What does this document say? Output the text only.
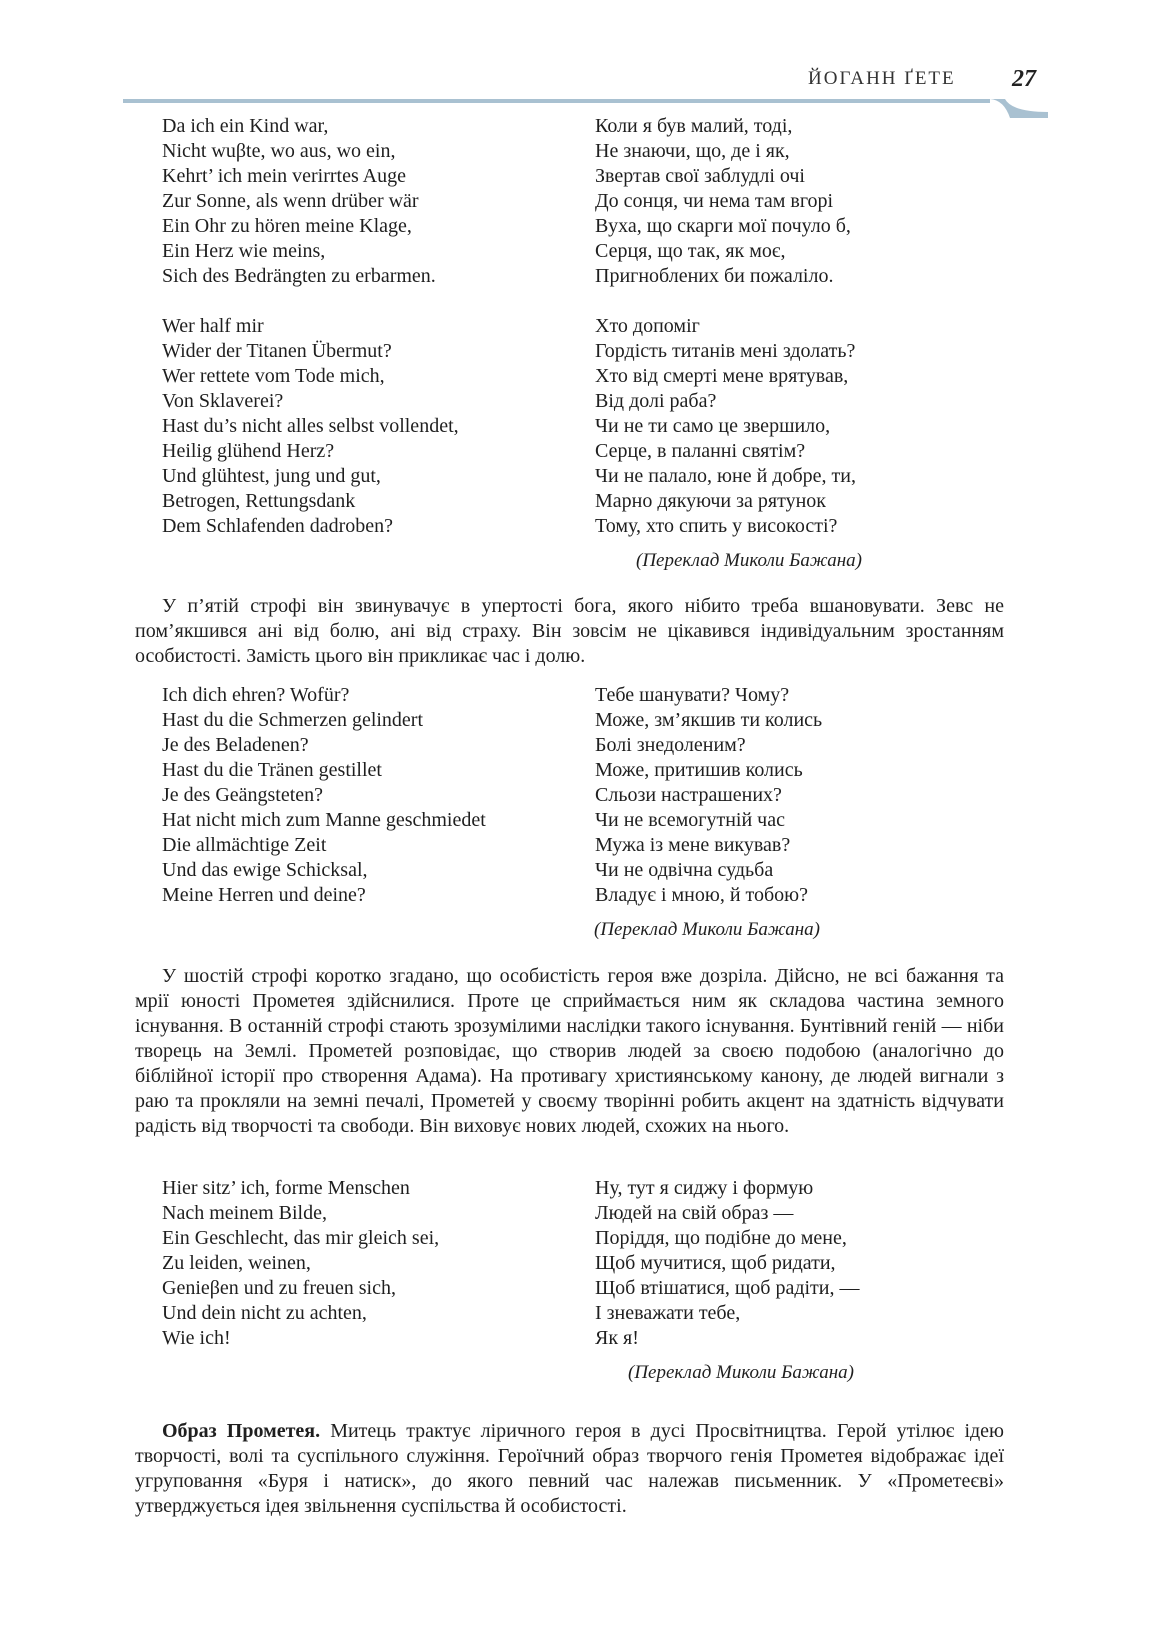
ЙОГАНН ҐЕТЕ 27
Da ich ein Kind war,	Коли я був малий, тоді,
Nicht wuβte, wo aus, wo ein,	Не знаючи, що, де і як,
Kehrt’ ich mein verirrtes Auge	Звертав свої заблудлі очі
Zur Sonne, als wenn drüber wär	До сонця, чи нема там вгорі
Ein Ohr zu hören meine Klage,	Вуха, що скарги мої почуло б,
Ein Herz wie meins,	Серця, що так, як моє,
Sich des Bedrängten zu erbarmen.	Пригноблених би пожаліло.
Wer half mir	Хто допоміг
Wider der Titanen Übermut?	Гордість титанів мені здолать?
Wer rettete vom Tode mich,	Хто від смерті мене врятував,
Von Sklaverei?	Від долі раба?
Hast du’s nicht alles selbst vollendet,	Чи не ти само це звершило,
Heilig glühend Herz?	Серце, в паланні святім?
Und glühtest, jung und gut,	Чи не палало, юне й добре, ти,
Betrogen, Rettungsdank	Марно дякуючи за рятунок
Dem Schlafenden dadroben?	Тому, хто спить у високості?
(Переклад Миколи Бажана)

У п’ятій строфі він звинувачує в упертості бога, якого нібито треба вшановувати. Зевс не пом’якшився ані від болю, ані від страху. Він зовсім не цікавився індивідуальним зростанням особистості. Замість цього він прикликає час і долю.

Ich dich ehren? Wofür?	Тебе шанувати? Чому?
Hast du die Schmerzen gelindert	Може, зм’якшив ти колись
Je des Beladenen?	Болі знедоленим?
Hast du die Tränen gestillet	Може, притишив колись
Je des Geängsteten?	Сльози настрашених?
Hat nicht mich zum Manne geschmiedet	Чи не всемогутній час
Die allmächtige Zeit	Мужа із мене викував?
Und das ewige Schicksal,	Чи не одвічна судьба
Meine Herren und deine?	Владує і мною, й тобою?
(Переклад Миколи Бажана)

У шостій строфі коротко згадано, що особистість героя вже дозріла. Дійсно, не всі бажання та мрії юності Прометея здійснилися. Проте це сприймається ним як складова частина земного існування. В останній строфі стають зрозумілими наслідки такого існування. Бунтівний геній — ніби творець на Землі. Прометей розповідає, що створив людей за своєю подобою (аналогічно до біблійної історії про створення Адама). На противагу християнському канону, де людей вигнали з раю та прокляли на земні печалі, Прометей у своєму творінні робить акцент на здатність відчувати радість від творчості та свободи. Він виховує нових людей, схожих на нього.

Hier sitz’ ich, forme Menschen	Ну, тут я сиджу і формую
Nach meinem Bilde,	Людей на свій образ —
Ein Geschlecht, das mir gleich sei,	Поріддя, що подібне до мене,
Zu leiden, weinen,	Щоб мучитися, щоб ридати,
Genieβen und zu freuen sich,	Щоб втішатися, щоб радіти, —
Und dein nicht zu achten,	І зневажати тебе,
Wie ich!	Як я!
(Переклад Миколи Бажана)

Образ Прометея. Митець трактує ліричного героя в дусі Просвітництва. Герой утілює ідею творчості, волі та суспільного служіння. Героїчний образ творчого генія Прометея відображає ідеї угруповання «Буря і натиск», до якого певний час належав письменник. У «Прометеєві» утверджується ідея звільнення суспільства й особистості.
